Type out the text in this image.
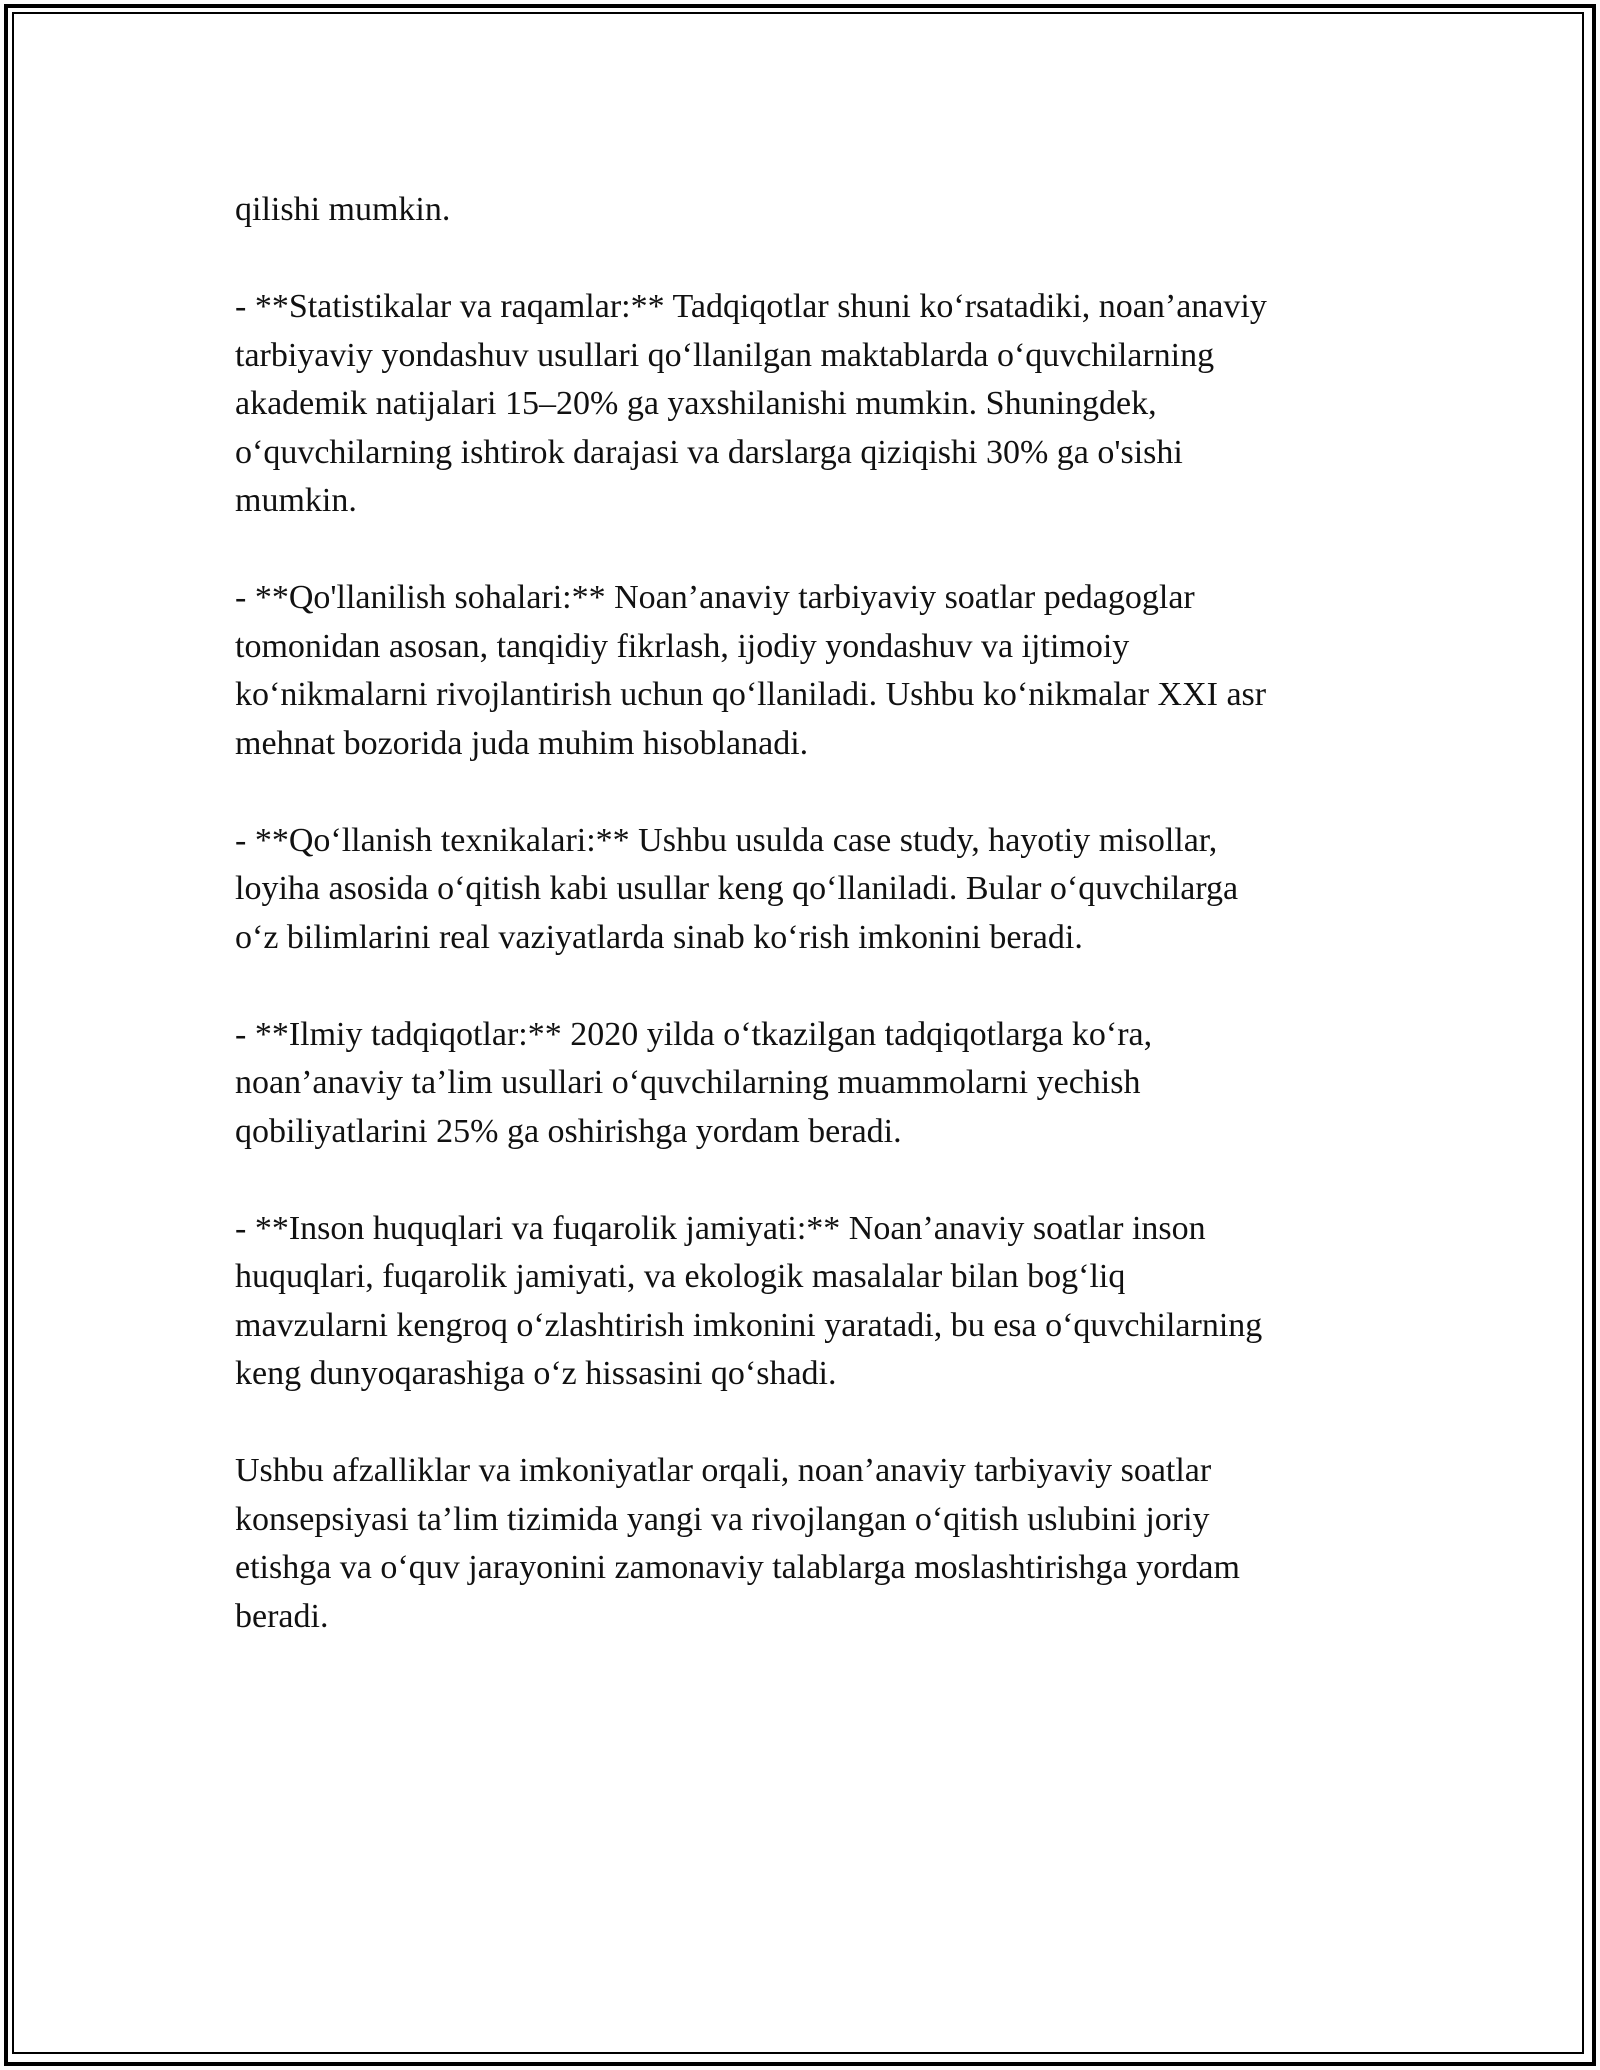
qilishi mumkin.

- **Statistikalar va raqamlar:** Tadqiqotlar shuni ko‘rsatadiki, noan’anaviy
tarbiyaviy yondashuv usullari qo‘llanilgan maktablarda o‘quvchilarning
akademik natijalari 15–20% ga yaxshilanishi mumkin. Shuningdek,
o‘quvchilarning ishtirok darajasi va darslarga qiziqishi 30% ga o'sishi
mumkin.

- **Qo'llanilish sohalari:** Noan’anaviy tarbiyaviy soatlar pedagoglar
tomonidan asosan, tanqidiy fikrlash, ijodiy yondashuv va ijtimoiy
ko‘nikmalarni rivojlantirish uchun qo‘llaniladi. Ushbu ko‘nikmalar XXI asr
mehnat bozorida juda muhim hisoblanadi.

- **Qo‘llanish texnikalari:** Ushbu usulda case study, hayotiy misollar,
loyiha asosida o‘qitish kabi usullar keng qo‘llaniladi. Bular o‘quvchilarga
o‘z bilimlarini real vaziyatlarda sinab ko‘rish imkonini beradi.

- **Ilmiy tadqiqotlar:** 2020 yilda o‘tkazilgan tadqiqotlarga ko‘ra,
noan’anaviy ta’lim usullari o‘quvchilarning muammolarni yechish
qobiliyatlarini 25% ga oshirishga yordam beradi.

- **Inson huquqlari va fuqarolik jamiyati:** Noan’anaviy soatlar inson
huquqlari, fuqarolik jamiyati, va ekologik masalalar bilan bog‘liq
mavzularni kengroq o‘zlashtirish imkonini yaratadi, bu esa o‘quvchilarning
keng dunyoqarashiga o‘z hissasini qo‘shadi.

Ushbu afzalliklar va imkoniyatlar orqali, noan’anaviy tarbiyaviy soatlar
konsepsiyasi ta’lim tizimida yangi va rivojlangan o‘qitish uslubini joriy
etishga va o‘quv jarayonini zamonaviy talablarga moslashtirishga yordam
beradi.
